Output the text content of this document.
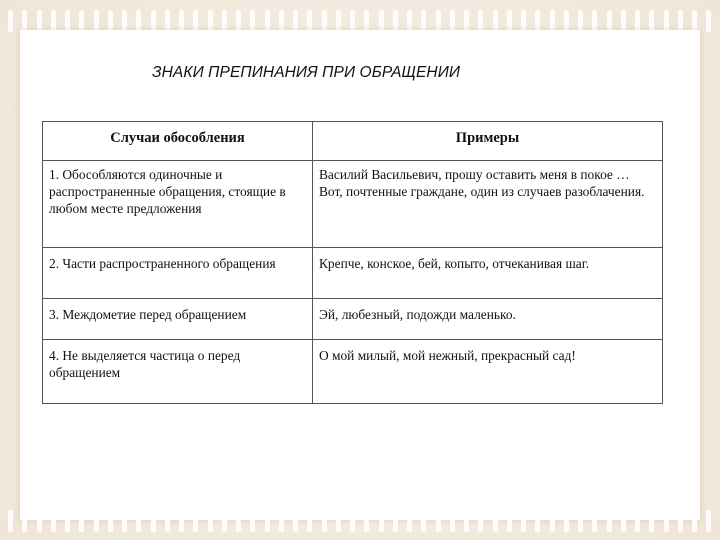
ЗНАКИ ПРЕПИНАНИЯ ПРИ ОБРАЩЕНИИ
Случаи обособления	Примеры
1. Обособляются одиночные и распространенные обращения, стоящие в любом месте предложения	Василий Васильевич, прошу оставить меня в покое … Вот, почтенные граждане, один из случаев разоблачения.
2. Части распространенного обращения	Крепче, конское, бей, копыто, отчеканивая шаг.
3. Междометие перед обращением	Эй, любезный, подожди маленько.
4. Не выделяется частица о перед обращением	О мой милый, мой нежный, прекрасный сад!
